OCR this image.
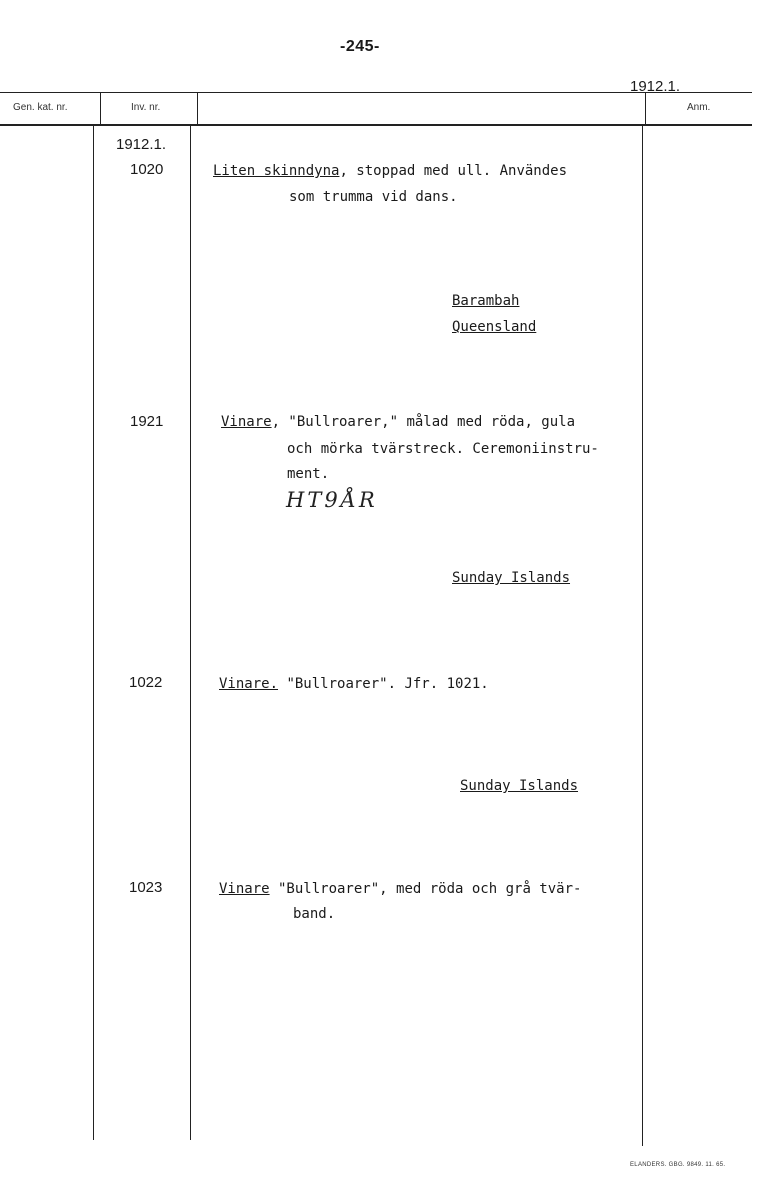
-245-
1912.1.
Gen. kat. nr.	Inv. nr.	Anm.
1912.1.
1020	Liten skinndyna, stoppad med ull. Användes
som trumma vid dans.
Barambah
Queensland
1921	Vinare, "Bullroarer," målad med röda, gula
och mörka tvärstreck. Ceremoniinstru-
ment.
HT9ÅR
Sunday Islands
1022	Vinare. "Bullroarer". Jfr. 1021.
Sunday Islands
1023	Vinare "Bullroarer", med röda och grå tvär-
band.
ELANDERS. GBG. 9849. 11. 65.
